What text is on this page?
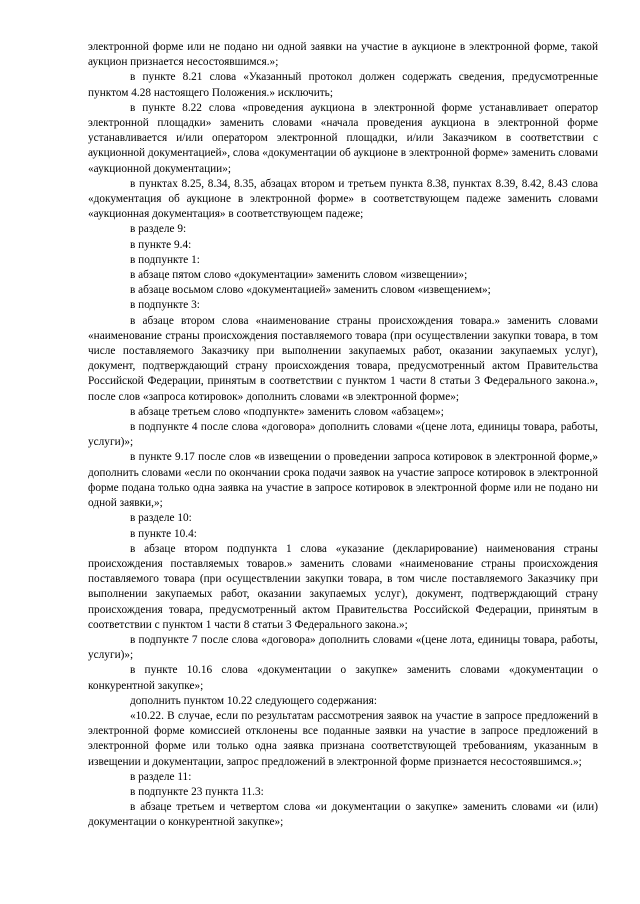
электронной форме или не подано ни одной заявки на участие в аукционе в электронной форме, такой аукцион признается несостоявшимся.»;

в пункте 8.21 слова «Указанный протокол должен содержать сведения, предусмотренные пунктом 4.28 настоящего Положения.» исключить;

в пункте 8.22 слова «проведения аукциона в электронной форме устанавливает оператор электронной площадки» заменить словами «начала проведения аукциона в электронной форме устанавливается и/или оператором электронной площадки, и/или Заказчиком в соответствии с аукционной документацией», слова «документации об аукционе в электронной форме» заменить словами «аукционной документации»;

в пунктах 8.25, 8.34, 8.35, абзацах втором и третьем пункта 8.38, пунктах 8.39, 8.42, 8.43 слова «документация об аукционе в электронной форме» в соответствующем падеже заменить словами «аукционная документация» в соответствующем падеже;

в разделе 9:

в пункте 9.4:

в подпункте 1:

в абзаце пятом слово «документации» заменить словом «извещении»;

в абзаце восьмом слово «документацией» заменить словом «извещением»;

в подпункте 3:

в абзаце втором слова «наименование страны происхождения товара.» заменить словами «наименование страны происхождения поставляемого товара (при осуществлении закупки товара, в том числе поставляемого Заказчику при выполнении закупаемых работ, оказании закупаемых услуг), документ, подтверждающий страну происхождения товара, предусмотренный актом Правительства Российской Федерации, принятым в соответствии с пунктом 1 части 8 статьи 3 Федерального закона.», после слов «запроса котировок» дополнить словами «в электронной форме»;

в абзаце третьем слово «подпункте» заменить словом «абзацем»;

в подпункте 4 после слова «договора» дополнить словами «(цене лота, единицы товара, работы, услуги)»;

в пункте 9.17 после слов «в извещении о проведении запроса котировок в электронной форме,» дополнить словами «если по окончании срока подачи заявок на участие запросе котировок в электронной форме подана только одна заявка на участие в запросе котировок в электронной форме или не подано ни одной заявки,»;

в разделе 10:

в пункте 10.4:

в абзаце втором подпункта 1 слова «указание (декларирование) наименования страны происхождения поставляемых товаров.» заменить словами «наименование страны происхождения поставляемого товара (при осуществлении закупки товара, в том числе поставляемого Заказчику при выполнении закупаемых работ, оказании закупаемых услуг), документ, подтверждающий страну происхождения товара, предусмотренный актом Правительства Российской Федерации, принятым в соответствии с пунктом 1 части 8 статьи 3 Федерального закона.»;

в подпункте 7 после слова «договора» дополнить словами «(цене лота, единицы товара, работы, услуги)»;

в пункте 10.16 слова «документации о закупке» заменить словами «документации о конкурентной закупке»;

дополнить пунктом 10.22 следующего содержания:

«10.22. В случае, если по результатам рассмотрения заявок на участие в запросе предложений в электронной форме комиссией отклонены все поданные заявки на участие в запросе предложений в электронной форме или только одна заявка признана соответствующей требованиям, указанным в извещении и документации, запрос предложений в электронной форме признается несостоявшимся.»;

в разделе 11:

в подпункте 23 пункта 11.3:

в абзаце третьем и четвертом слова «и документации о закупке» заменить словами «и (или) документации о конкурентной закупке»;
